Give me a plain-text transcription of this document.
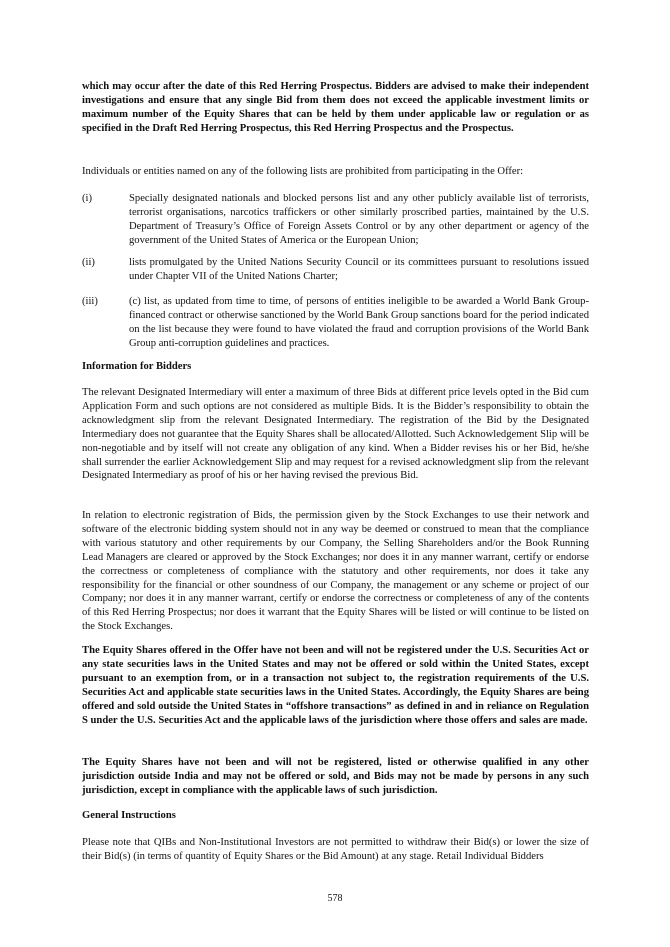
which may occur after the date of this Red Herring Prospectus. Bidders are advised to make their independent investigations and ensure that any single Bid from them does not exceed the applicable investment limits or maximum number of the Equity Shares that can be held by them under applicable law or regulation or as specified in the Draft Red Herring Prospectus, this Red Herring Prospectus and the Prospectus.

Individuals or entities named on any of the following lists are prohibited from participating in the Offer:

(i)	Specially designated nationals and blocked persons list and any other publicly available list of terrorists, terrorist organisations, narcotics traffickers or other similarly proscribed parties, maintained by the U.S. Department of Treasury’s Office of Foreign Assets Control or by any other department or agency of the government of the United States of America or the European Union;
(ii)	lists promulgated by the United Nations Security Council or its committees pursuant to resolutions issued under Chapter VII of the United Nations Charter;
(iii)	(c) list, as updated from time to time, of persons of entities ineligible to be awarded a World Bank Group-financed contract or otherwise sanctioned by the World Bank Group sanctions board for the period indicated on the list because they were found to have violated the fraud and corruption provisions of the World Bank Group anti-corruption guidelines and practices.

Information for Bidders

The relevant Designated Intermediary will enter a maximum of three Bids at different price levels opted in the Bid cum Application Form and such options are not considered as multiple Bids. It is the Bidder’s responsibility to obtain the acknowledgment slip from the relevant Designated Intermediary. The registration of the Bid by the Designated Intermediary does not guarantee that the Equity Shares shall be allocated/Allotted. Such Acknowledgement Slip will be non-negotiable and by itself will not create any obligation of any kind. When a Bidder revises his or her Bid, he/she shall surrender the earlier Acknowledgement Slip and may request for a revised acknowledgment slip from the relevant Designated Intermediary as proof of his or her having revised the previous Bid.

In relation to electronic registration of Bids, the permission given by the Stock Exchanges to use their network and software of the electronic bidding system should not in any way be deemed or construed to mean that the compliance with various statutory and other requirements by our Company, the Selling Shareholders and/or the Book Running Lead Managers are cleared or approved by the Stock Exchanges; nor does it in any manner warrant, certify or endorse the correctness or completeness of compliance with the statutory and other requirements, nor does it take any responsibility for the financial or other soundness of our Company, the management or any scheme or project of our Company; nor does it in any manner warrant, certify or endorse the correctness or completeness of any of the contents of this Red Herring Prospectus; nor does it warrant that the Equity Shares will be listed or will continue to be listed on the Stock Exchanges.

The Equity Shares offered in the Offer have not been and will not be registered under the U.S. Securities Act or any state securities laws in the United States and may not be offered or sold within the United States, except pursuant to an exemption from, or in a transaction not subject to, the registration requirements of the U.S. Securities Act and applicable state securities laws in the United States. Accordingly, the Equity Shares are being offered and sold outside the United States in “offshore transactions” as defined in and in reliance on Regulation S under the U.S. Securities Act and the applicable laws of the jurisdiction where those offers and sales are made.

The Equity Shares have not been and will not be registered, listed or otherwise qualified in any other jurisdiction outside India and may not be offered or sold, and Bids may not be made by persons in any such jurisdiction, except in compliance with the applicable laws of such jurisdiction.

General Instructions

Please note that QIBs and Non-Institutional Investors are not permitted to withdraw their Bid(s) or lower the size of their Bid(s) (in terms of quantity of Equity Shares or the Bid Amount) at any stage. Retail Individual Bidders

578
